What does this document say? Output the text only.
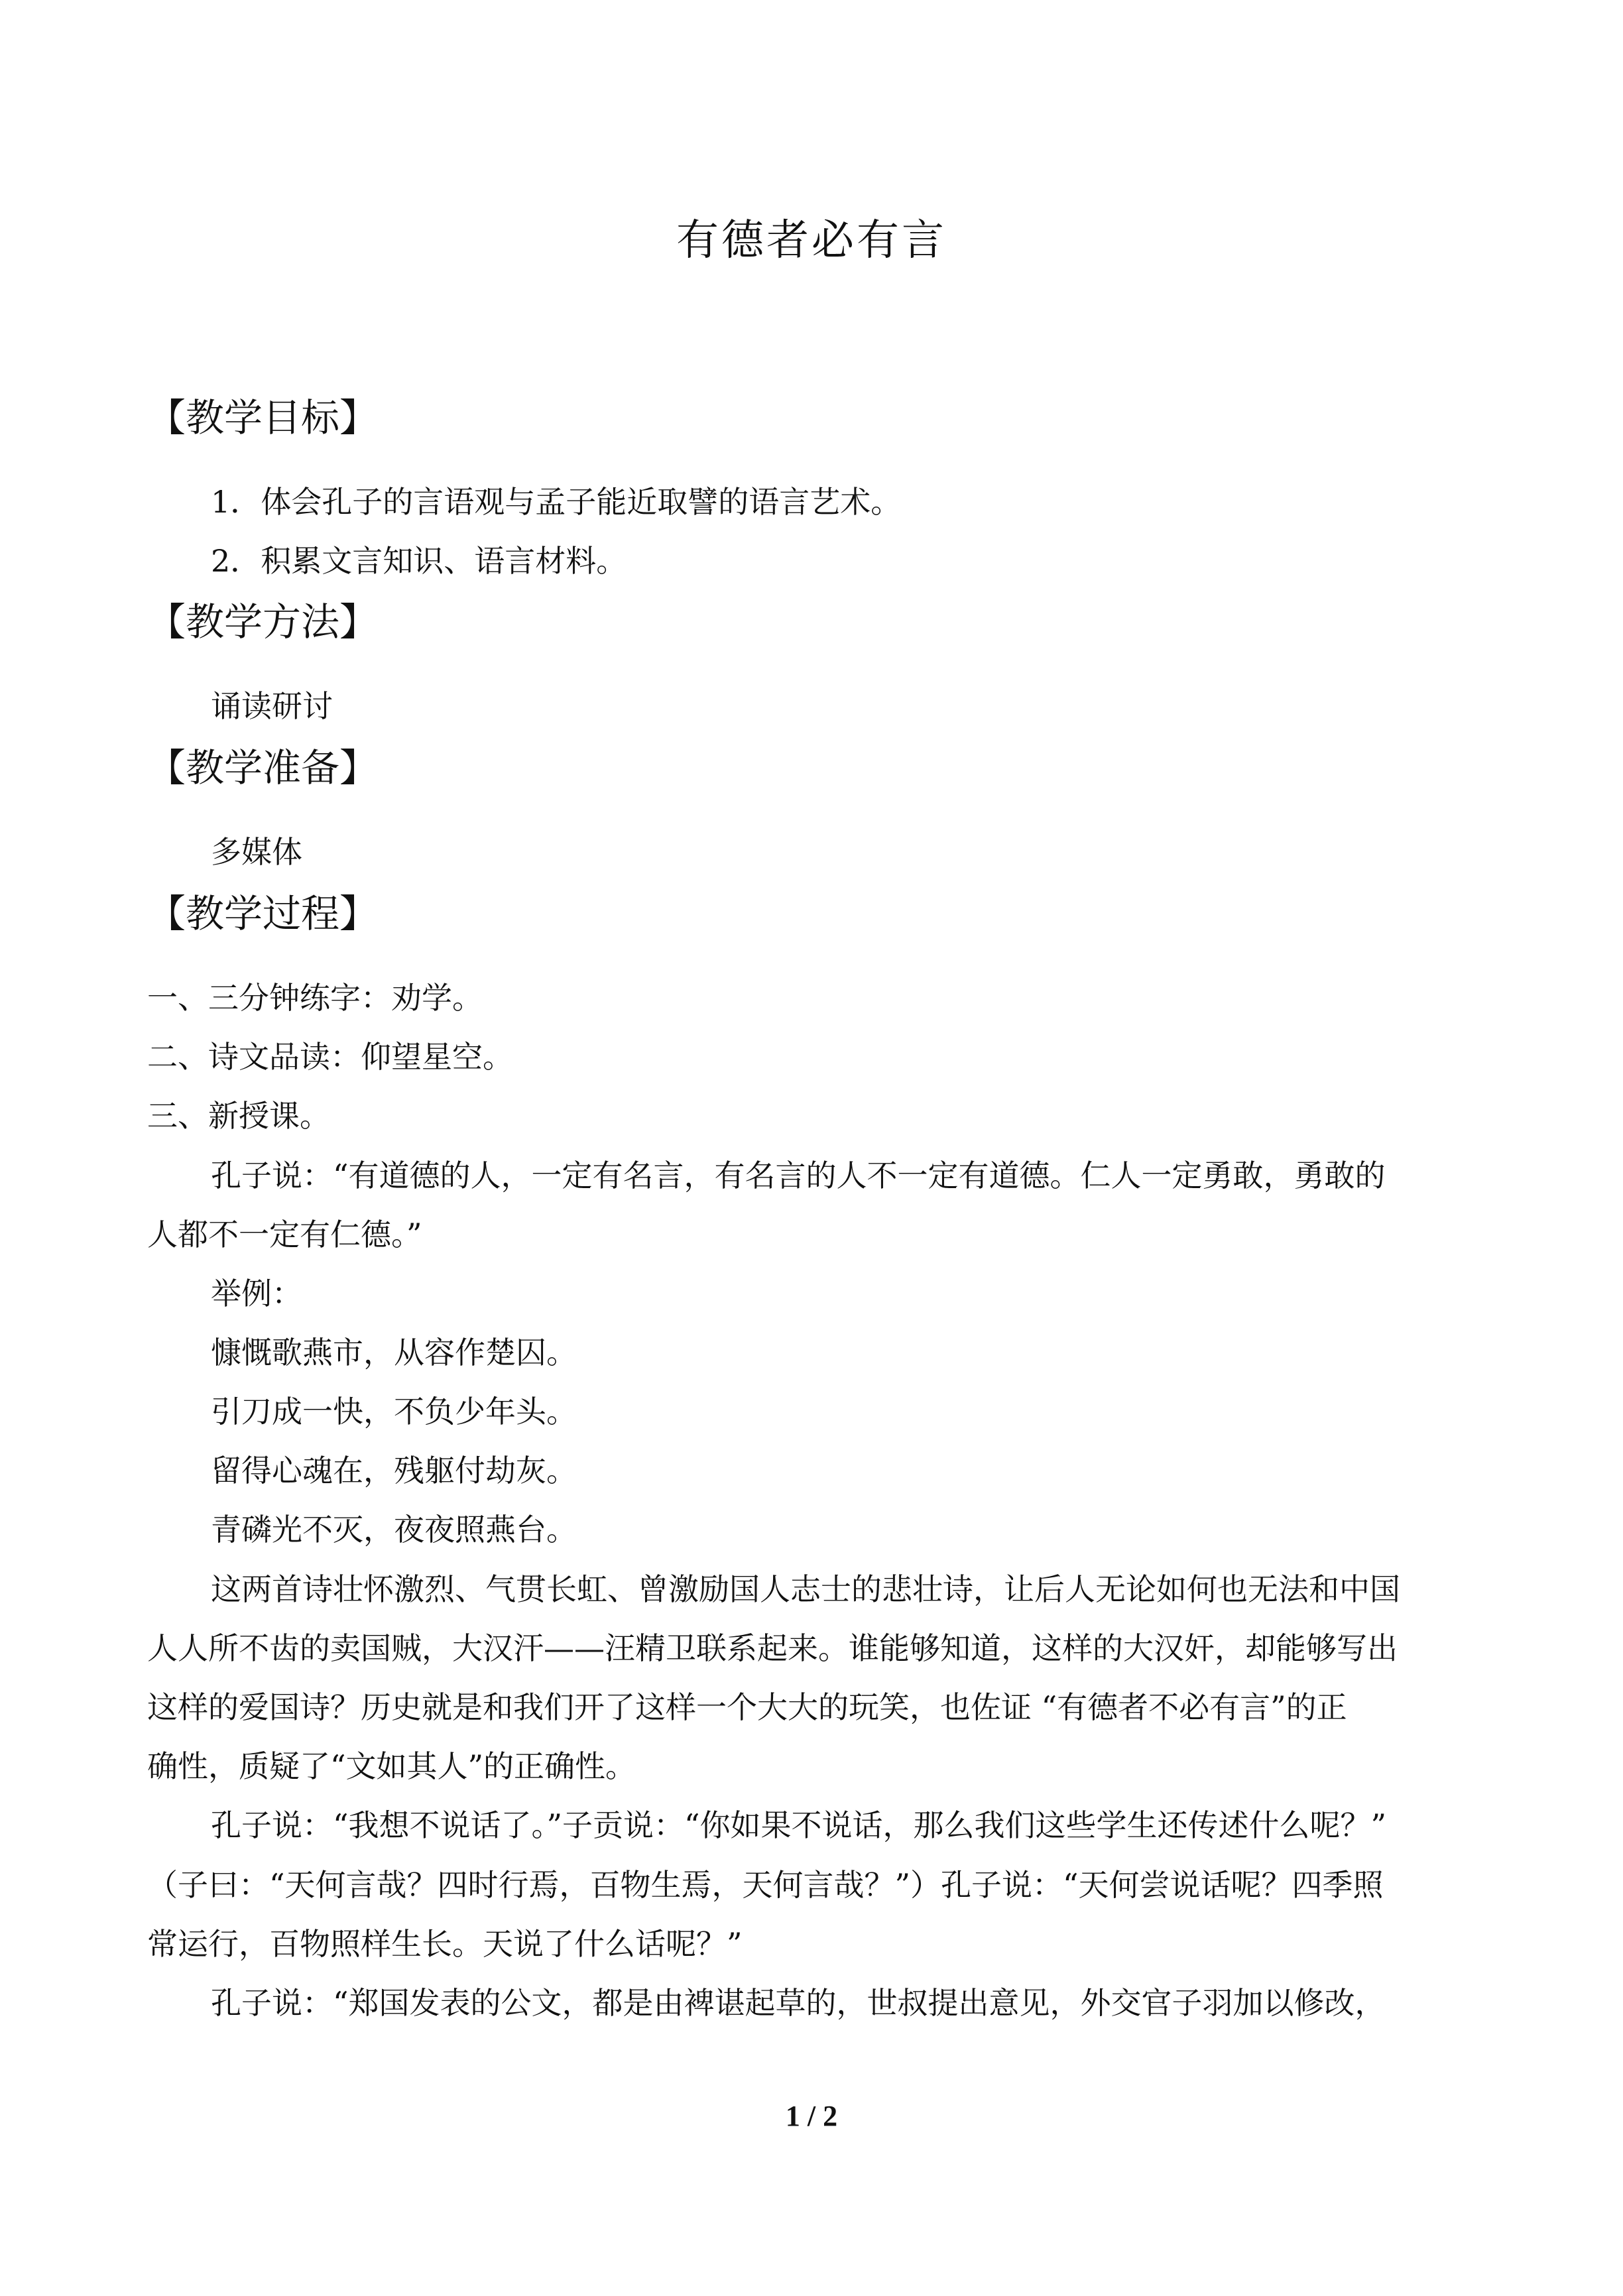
有德者必有言
【教学目标】
1．体会孔子的言语观与孟子能近取譬的语言艺术。
2．积累文言知识、语言材料。
【教学方法】
诵读研讨
【教学准备】
多媒体
【教学过程】
一、三分钟练字：劝学。
二、诗文品读：仰望星空。
三、新授课。
孔子说：“有道德的人，一定有名言，有名言的人不一定有道德。仁人一定勇敢，勇敢的
人都不一定有仁德。”
举例：
慷慨歌燕市，从容作楚囚。
引刀成一快，不负少年头。
留得心魂在，残躯付劫灰。
青磷光不灭，夜夜照燕台。
这两首诗壮怀激烈、气贯长虹、曾激励国人志士的悲壮诗，让后人无论如何也无法和中国
人人所不齿的卖国贼，大汉汗——汪精卫联系起来。谁能够知道，这样的大汉奸，却能够写出
这样的爱国诗？历史就是和我们开了这样一个大大的玩笑，也佐证 “有德者不必有言”的正
确性，质疑了“文如其人”的正确性。
孔子说：“我想不说话了。”子贡说：“你如果不说话，那么我们这些学生还传述什么呢？”
（子曰：“天何言哉？四时行焉，百物生焉，天何言哉？”）孔子说：“天何尝说话呢？四季照
常运行，百物照样生长。天说了什么话呢？”
孔子说：“郑国发表的公文，都是由裨谌起草的，世叔提出意见，外交官子羽加以修改，
1 / 2
